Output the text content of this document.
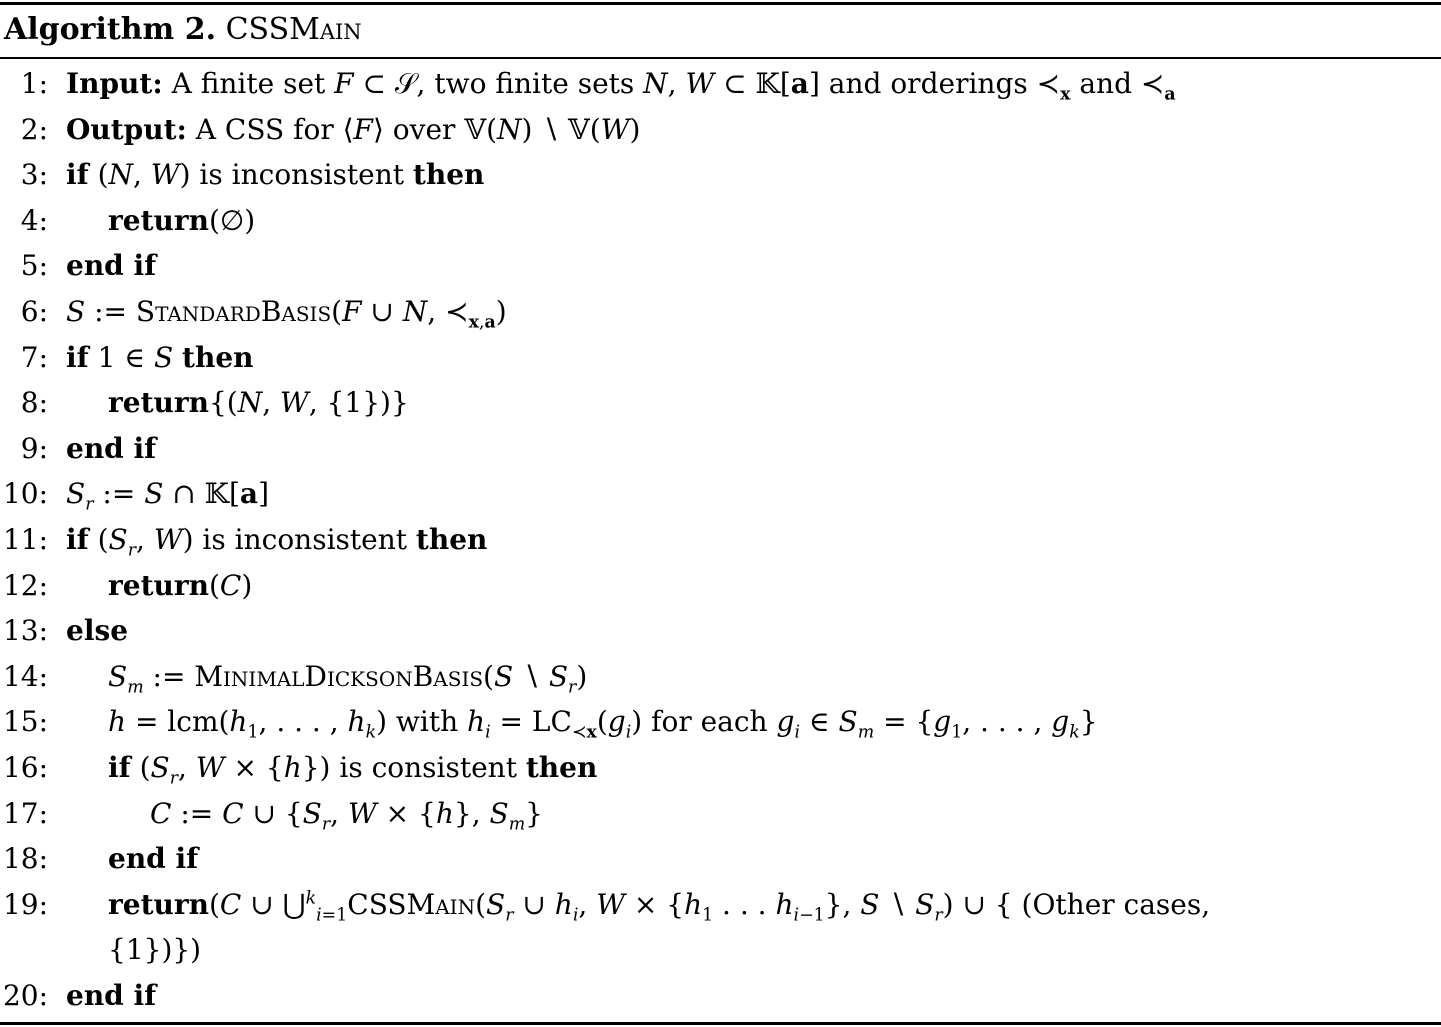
Algorithm 2. CSSMain
1: Input: A finite set F ⊂ 𝒮, two finite sets N, W ⊂ 𝕂[a] and orderings $≺_x$ and $≺_a$
2: Output: A CSS for ⟨F⟩ over 𝕍(N) ∖ 𝕍(W)
3: if (N, W) is inconsistent then
4: return(∅)
5: end if
6: S := StandardBasis(F ∪ N, $≺_{x,a}$)
7: if 1 ∈ S then
8: return{(N, W, {1})}
9: end if
10: $S_r$ := S ∩ 𝕂[a]
11: if ($S_r$, W) is inconsistent then
12: return(C)
13: else
14: $S_m$ := MinimalDicksonBasis(S ∖ $S_r$)
15: $h = lcm(h_1$, . . . , $h_k$) with $h_i = LC_{≺x}(g_i)$ for each $g_i$ ∈ $S_m = \{g_1$, . . . , $g_k$}
16: if ($S_r$, W × {h}) is consistent then
17:	C := C ∪ {$S_r$, W × {h}, $S_m$}
18: end if
19: return(C ∪ $⋃^k_{i=1}CSSMain(S_r$ ∪ $h_i$, $W \times \{h_1$ . . . $h_{i-1}$}, S ∖ $S_r$) ∪ { (Other cases,
{1})})
20: end if
